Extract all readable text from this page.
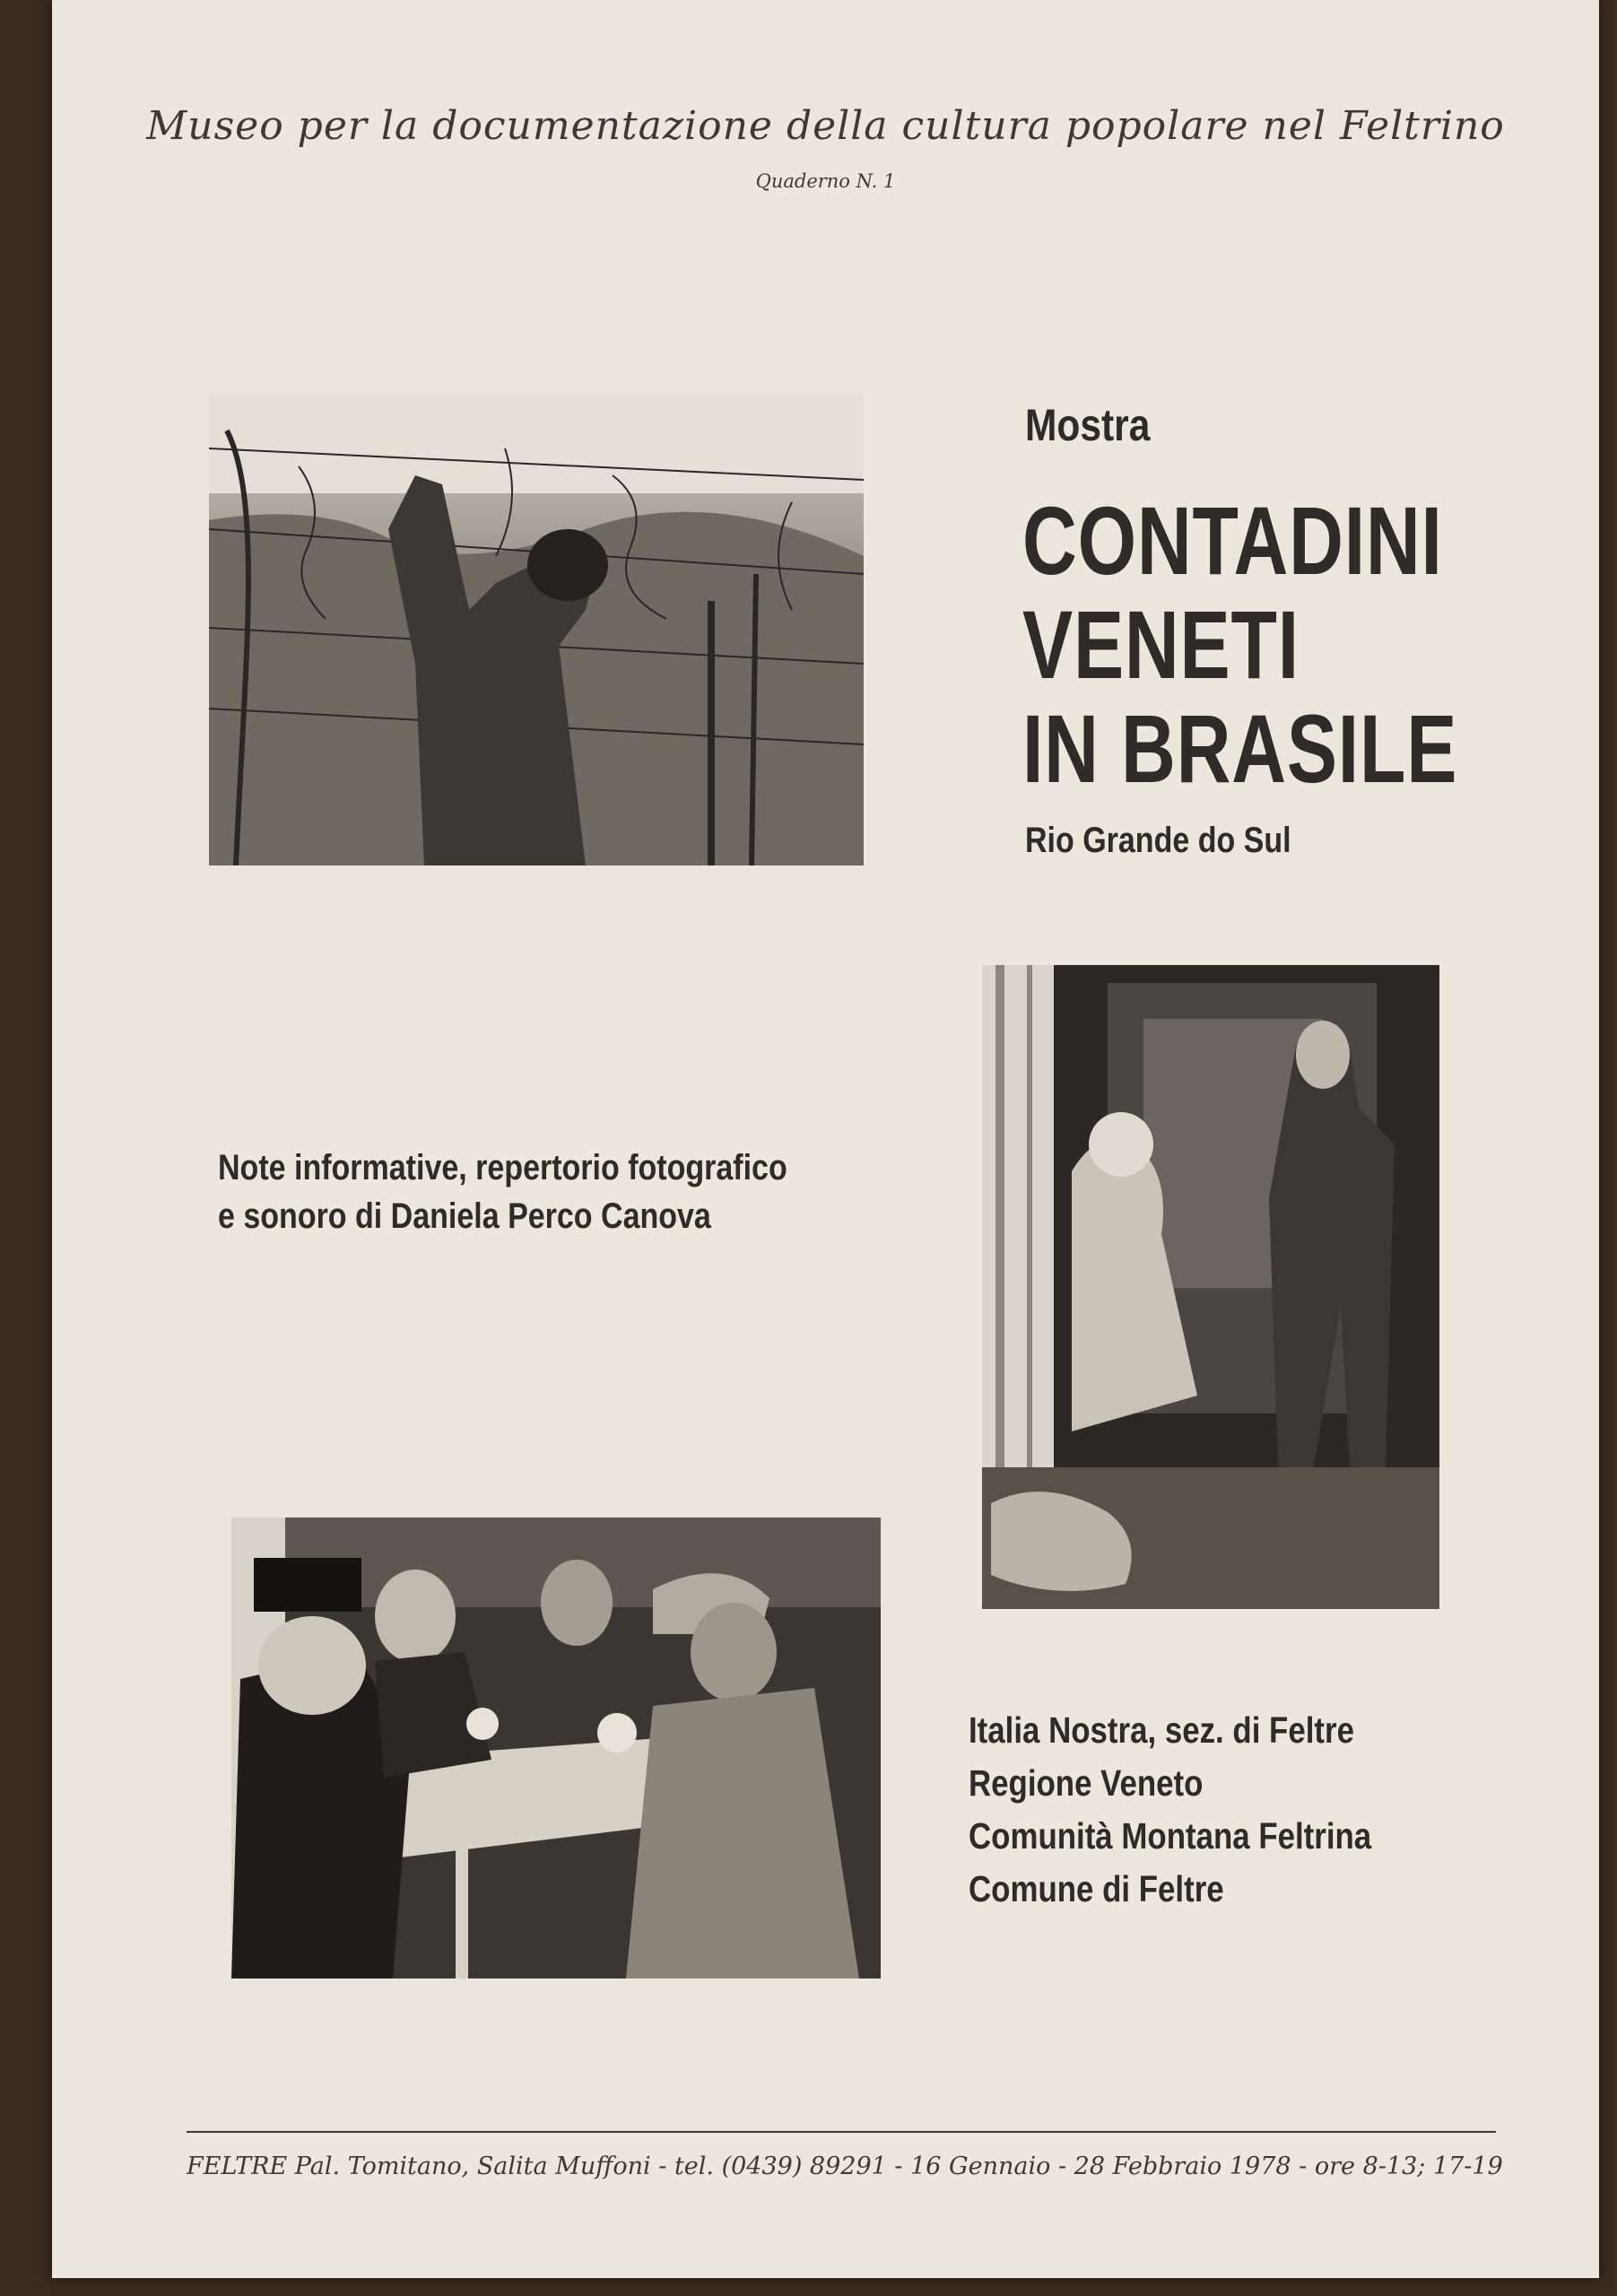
Museo per la documentazione della cultura popolare nel Feltrino
Quaderno N. 1
Mostra
CONTADINI
VENETI
IN BRASILE
Rio Grande do Sul
Note informative, repertorio fotografico
e sonoro di Daniela Perco Canova
Italia Nostra, sez. di Feltre
Regione Veneto
Comunità Montana Feltrina
Comune di Feltre
FELTRE Pal. Tomitano, Salita Muffoni - tel. (0439) 89291 - 16 Gennaio - 28 Febbraio 1978 - ore 8-13; 17-19
